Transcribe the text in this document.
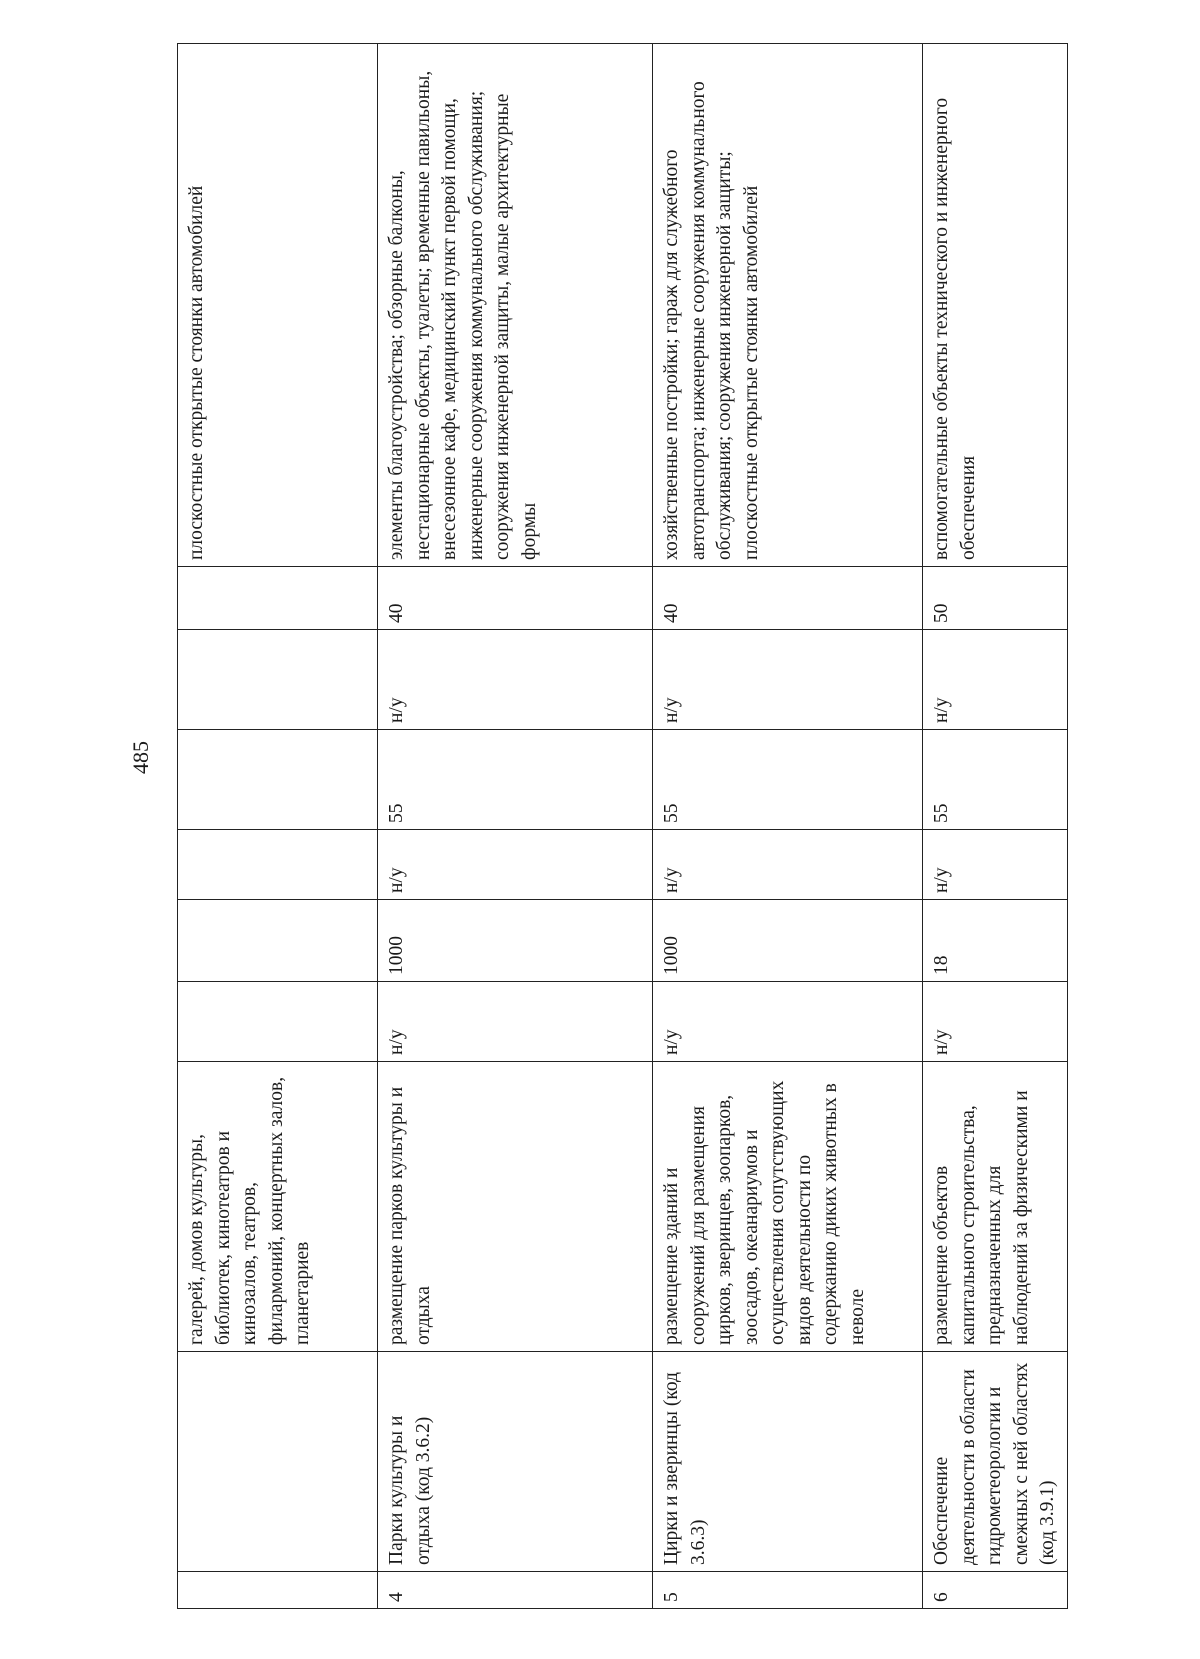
485
		галерей, домов культуры, библиотек, кинотеатров и кинозалов, театров, филармоний, концертных залов, планетариев							плоскостные открытые стоянки автомобилей
4	Парки культуры и отдыха (код 3.6.2)	размещение парков культуры и отдыха	н/у	1000	н/у	55	н/у	40	элементы благоустройства; обзорные балконы, нестационарные объекты, туалеты; временные павильоны, внесезонное кафе, медицинский пункт первой помощи, инженерные сооружения коммунального обслуживания; сооружения инженерной защиты, малые архитектурные формы
5	Цирки и зверинцы (код 3.6.3)	размещение зданий и сооружений для размещения цирков, зверинцев, зоопарков, зоосадов, океанариумов и осуществления сопутствующих видов деятельности по содержанию диких животных в неволе	н/у	1000	н/у	55	н/у	40	хозяйственные постройки; гараж для служебного автотранспорта; инженерные сооружения коммунального обслуживания; сооружения инженерной защиты; плоскостные открытые стоянки автомобилей
6	Обеспечение деятельности в области гидрометеорологии и смежных с ней областях (код 3.9.1)	размещение объектов капитального строительства, предназначенных для наблюдений за физическими и	н/у	18	н/у	55	н/у	50	вспомогательные объекты технического и инженерного обеспечения
